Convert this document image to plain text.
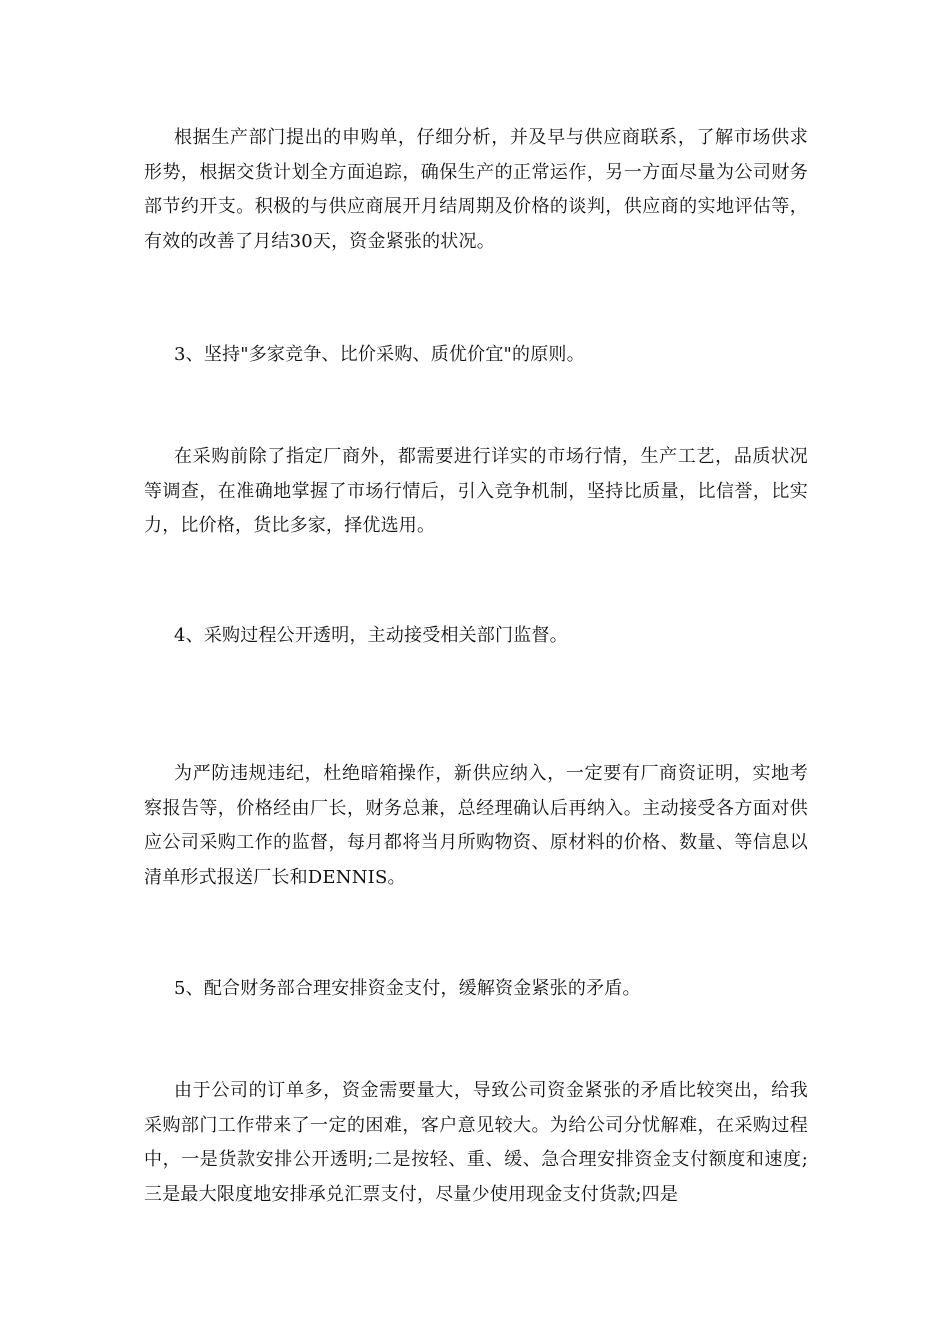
根据生产部门提出的申购单，仔细分析，并及早与供应商联系，了解市场供求形势，根据交货计划全方面追踪，确保生产的正常运作，另一方面尽量为公司财务部节约开支。积极的与供应商展开月结周期及价格的谈判，供应商的实地评估等，有效的改善了月结30天，资金紧张的状况。

3、坚持"多家竞争、比价采购、质优价宜"的原则。

在采购前除了指定厂商外，都需要进行详实的市场行情，生产工艺，品质状况等调查，在准确地掌握了市场行情后，引入竞争机制，坚持比质量，比信誉，比实力，比价格，货比多家，择优选用。

4、采购过程公开透明，主动接受相关部门监督。

为严防违规违纪，杜绝暗箱操作，新供应纳入，一定要有厂商资证明，实地考察报告等，价格经由厂长，财务总兼，总经理确认后再纳入。主动接受各方面对供应公司采购工作的监督，每月都将当月所购物资、原材料的价格、数量、等信息以清单形式报送厂长和DENNIS。

5、配合财务部合理安排资金支付，缓解资金紧张的矛盾。

由于公司的订单多，资金需要量大，导致公司资金紧张的矛盾比较突出，给我采购部门工作带来了一定的困难，客户意见较大。为给公司分忧解难，在采购过程中，一是货款安排公开透明;二是按轻、重、缓、急合理安排资金支付额度和速度;三是最大限度地安排承兑汇票支付，尽量少使用现金支付货款;四是
